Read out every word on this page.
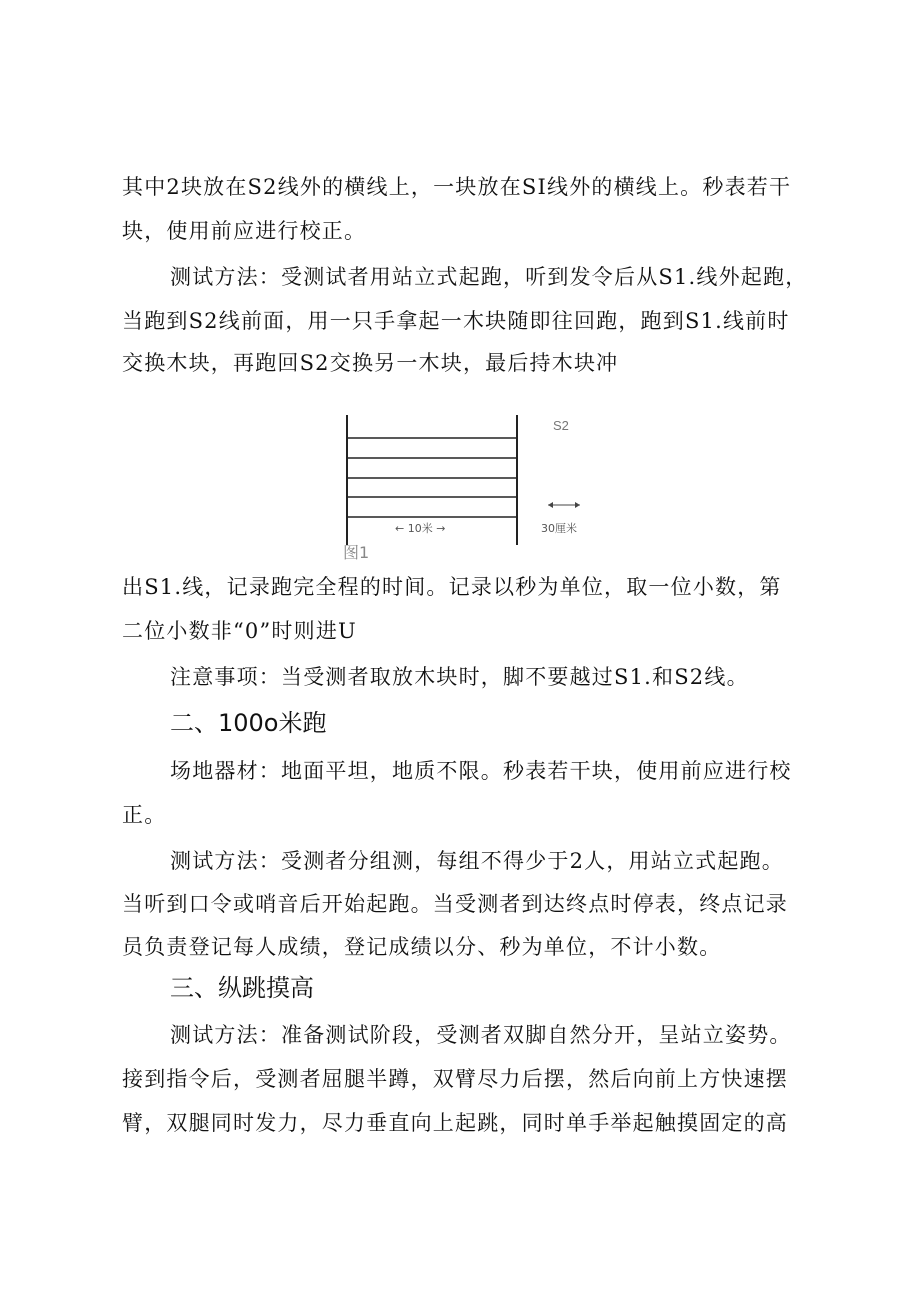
其中2块放在S2线外的横线上，一块放在SI线外的横线上。秒表若干
块，使用前应进行校正。
测试方法：受测试者用站立式起跑，听到发令后从S1.线外起跑，
当跑到S2线前面，用一只手拿起一木块随即往回跑，跑到S1.线前时
交换木块，再跑回S2交换另一木块，最后持木块冲
S2
← 10米 →	30厘米
图1
出S1.线，记录跑完全程的时间。记录以秒为单位，取一位小数，第
二位小数非“0”时则进U
注意事项：当受测者取放木块时，脚不要越过S1.和S2线。
二、100o米跑
场地器材：地面平坦，地质不限。秒表若干块，使用前应进行校
正。
测试方法：受测者分组测，每组不得少于2人，用站立式起跑。
当听到口令或哨音后开始起跑。当受测者到达终点时停表，终点记录
员负责登记每人成绩，登记成绩以分、秒为单位，不计小数。
三、纵跳摸高
测试方法：准备测试阶段，受测者双脚自然分开，呈站立姿势。
接到指令后，受测者屈腿半蹲，双臂尽力后摆，然后向前上方快速摆
臂，双腿同时发力，尽力垂直向上起跳，同时单手举起触摸固定的高
